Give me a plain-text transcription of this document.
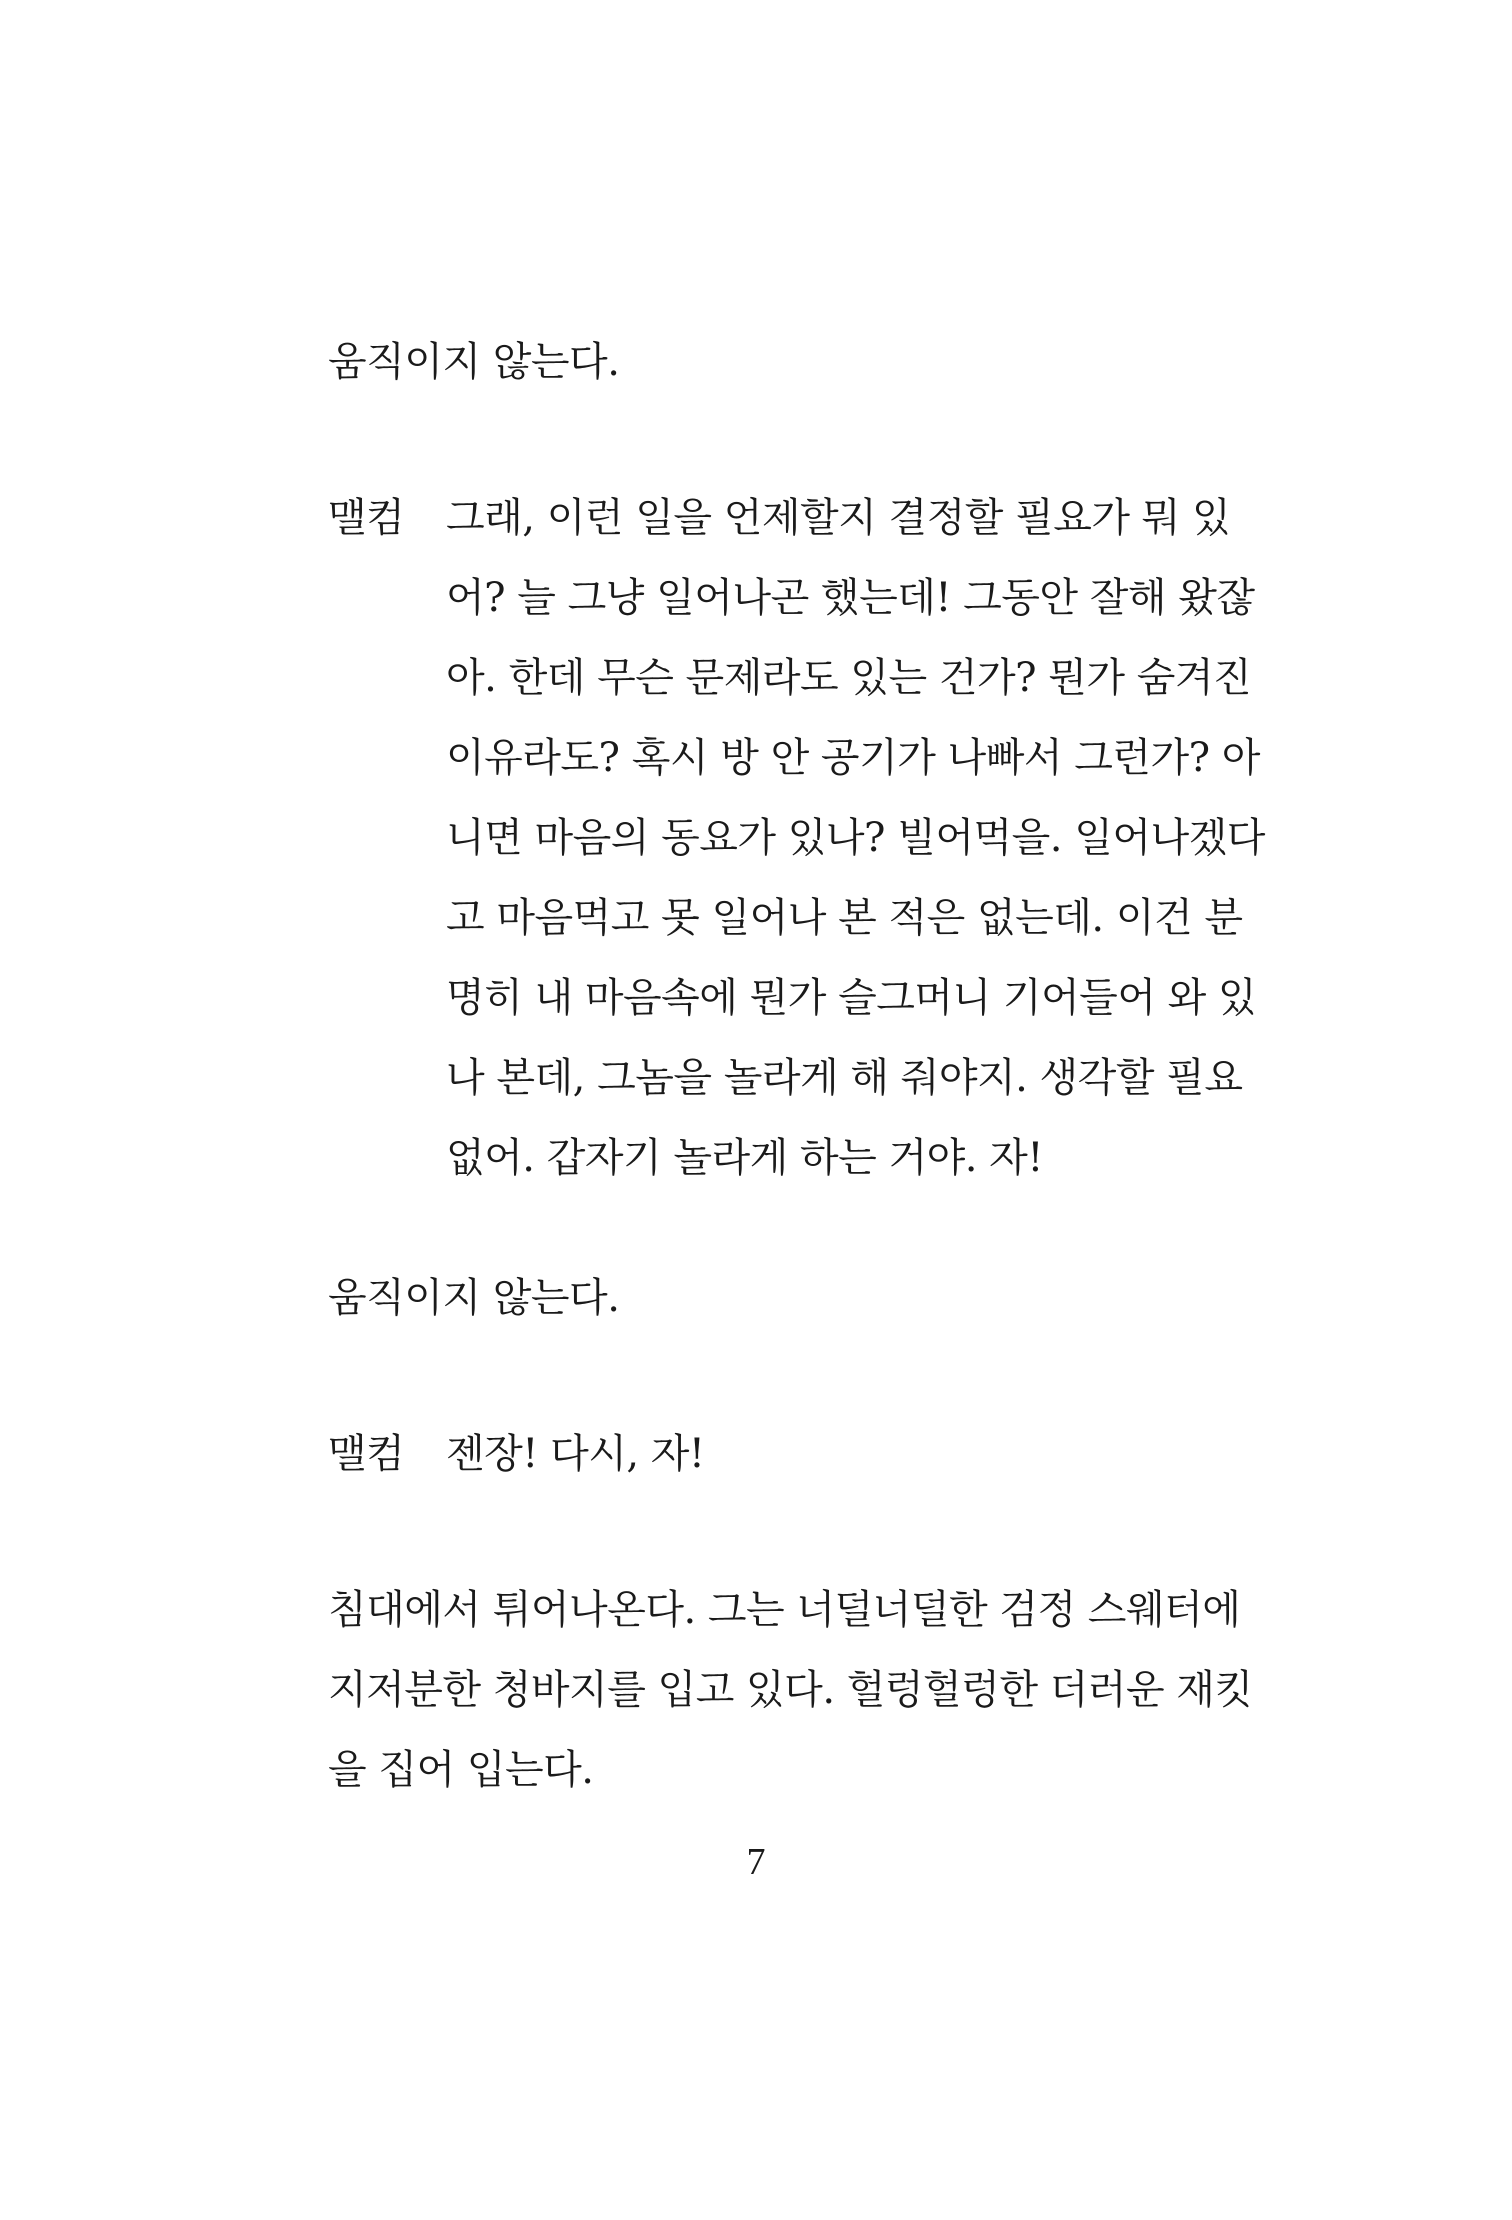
움직이지 않는다.
맬컴 그래, 이런 일을 언제할지 결정할 필요가 뭐 있
어? 늘 그냥 일어나곤 했는데! 그동안 잘해 왔잖
아. 한데 무슨 문제라도 있는 건가? 뭔가 숨겨진
이유라도? 혹시 방 안 공기가 나빠서 그런가? 아
니면 마음의 동요가 있나? 빌어먹을. 일어나겠다
고 마음먹고 못 일어나 본 적은 없는데. 이건 분
명히 내 마음속에 뭔가 슬그머니 기어들어 와 있
나 본데, 그놈을 놀라게 해 줘야지. 생각할 필요
없어. 갑자기 놀라게 하는 거야. 자!
움직이지 않는다.
맬컴 젠장! 다시, 자!
침대에서 튀어나온다. 그는 너덜너덜한 검정 스웨터에
지저분한 청바지를 입고 있다. 헐렁헐렁한 더러운 재킷
을 집어 입는다.
7
